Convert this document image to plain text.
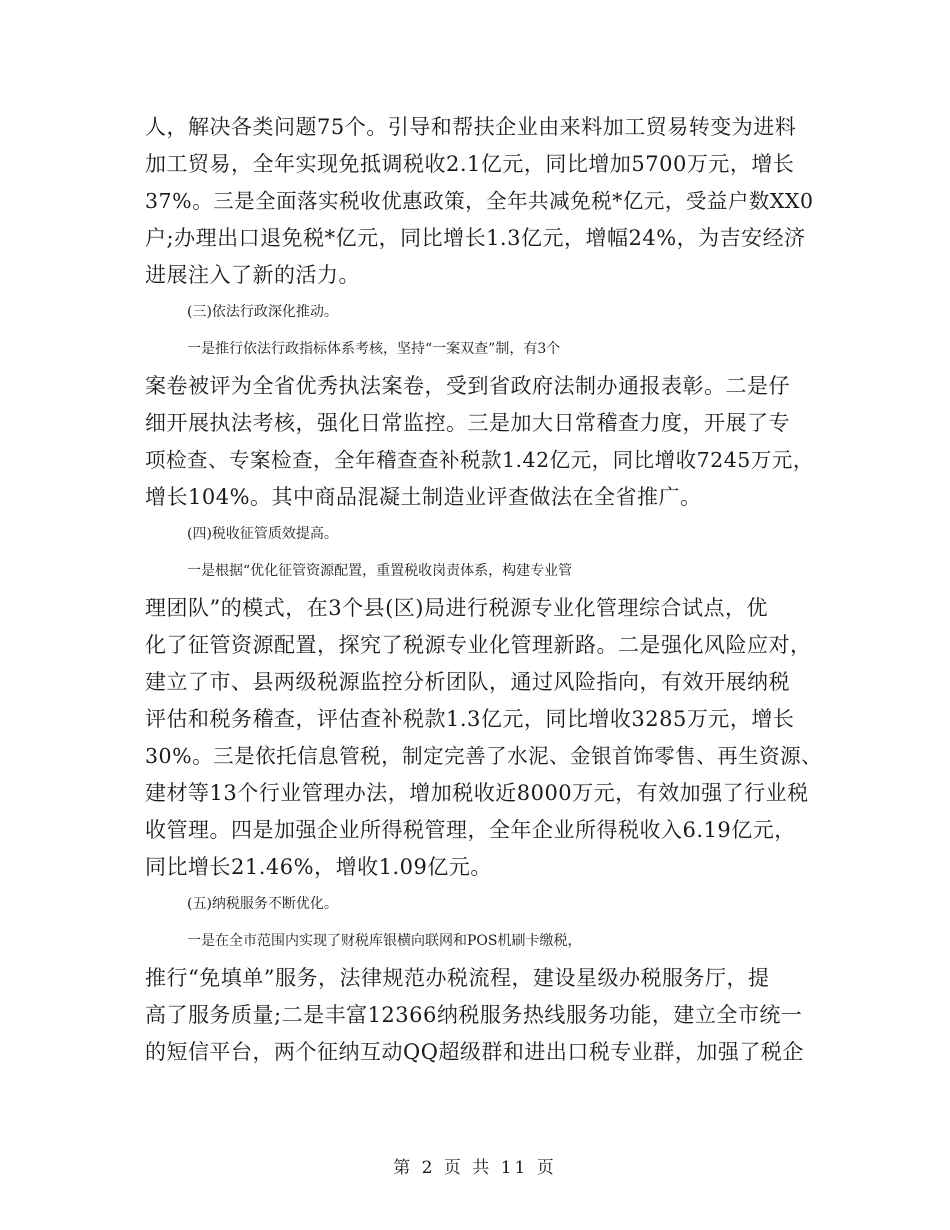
人，解决各类问题75个。引导和帮扶企业由来料加工贸易转变为进料
加工贸易，全年实现免抵调税收2.1亿元，同比增加5700万元，增长
37%。三是全面落实税收优惠政策，全年共减免税*亿元，受益户数XX0
户;办理出口退免税*亿元，同比增长1.3亿元，增幅24%，为吉安经济
进展注入了新的活力。
(三)依法行政深化推动。
一是推行依法行政指标体系考核，坚持“一案双查”制，有3个
案卷被评为全省优秀执法案卷，受到省政府法制办通报表彰。二是仔
细开展执法考核，强化日常监控。三是加大日常稽查力度，开展了专
项检查、专案检查，全年稽查查补税款1.42亿元，同比增收7245万元，
增长104%。其中商品混凝土制造业评查做法在全省推广。
(四)税收征管质效提高。
一是根据“优化征管资源配置，重置税收岗责体系，构建专业管
理团队”的模式，在3个县(区)局进行税源专业化管理综合试点，优
化了征管资源配置，探究了税源专业化管理新路。二是强化风险应对，
建立了市、县两级税源监控分析团队，通过风险指向，有效开展纳税
评估和税务稽查，评估查补税款1.3亿元，同比增收3285万元，增长
30%。三是依托信息管税，制定完善了水泥、金银首饰零售、再生资源、
建材等13个行业管理办法，增加税收近8000万元，有效加强了行业税
收管理。四是加强企业所得税管理，全年企业所得税收入6.19亿元，
同比增长21.46%，增收1.09亿元。
(五)纳税服务不断优化。
一是在全市范围内实现了财税库银横向联网和POS机刷卡缴税，
推行“免填单”服务，法律规范办税流程，建设星级办税服务厅，提
高了服务质量;二是丰富12366纳税服务热线服务功能，建立全市统一
的短信平台，两个征纳互动QQ超级群和进出口税专业群，加强了税企
第 2 页 共 11 页
